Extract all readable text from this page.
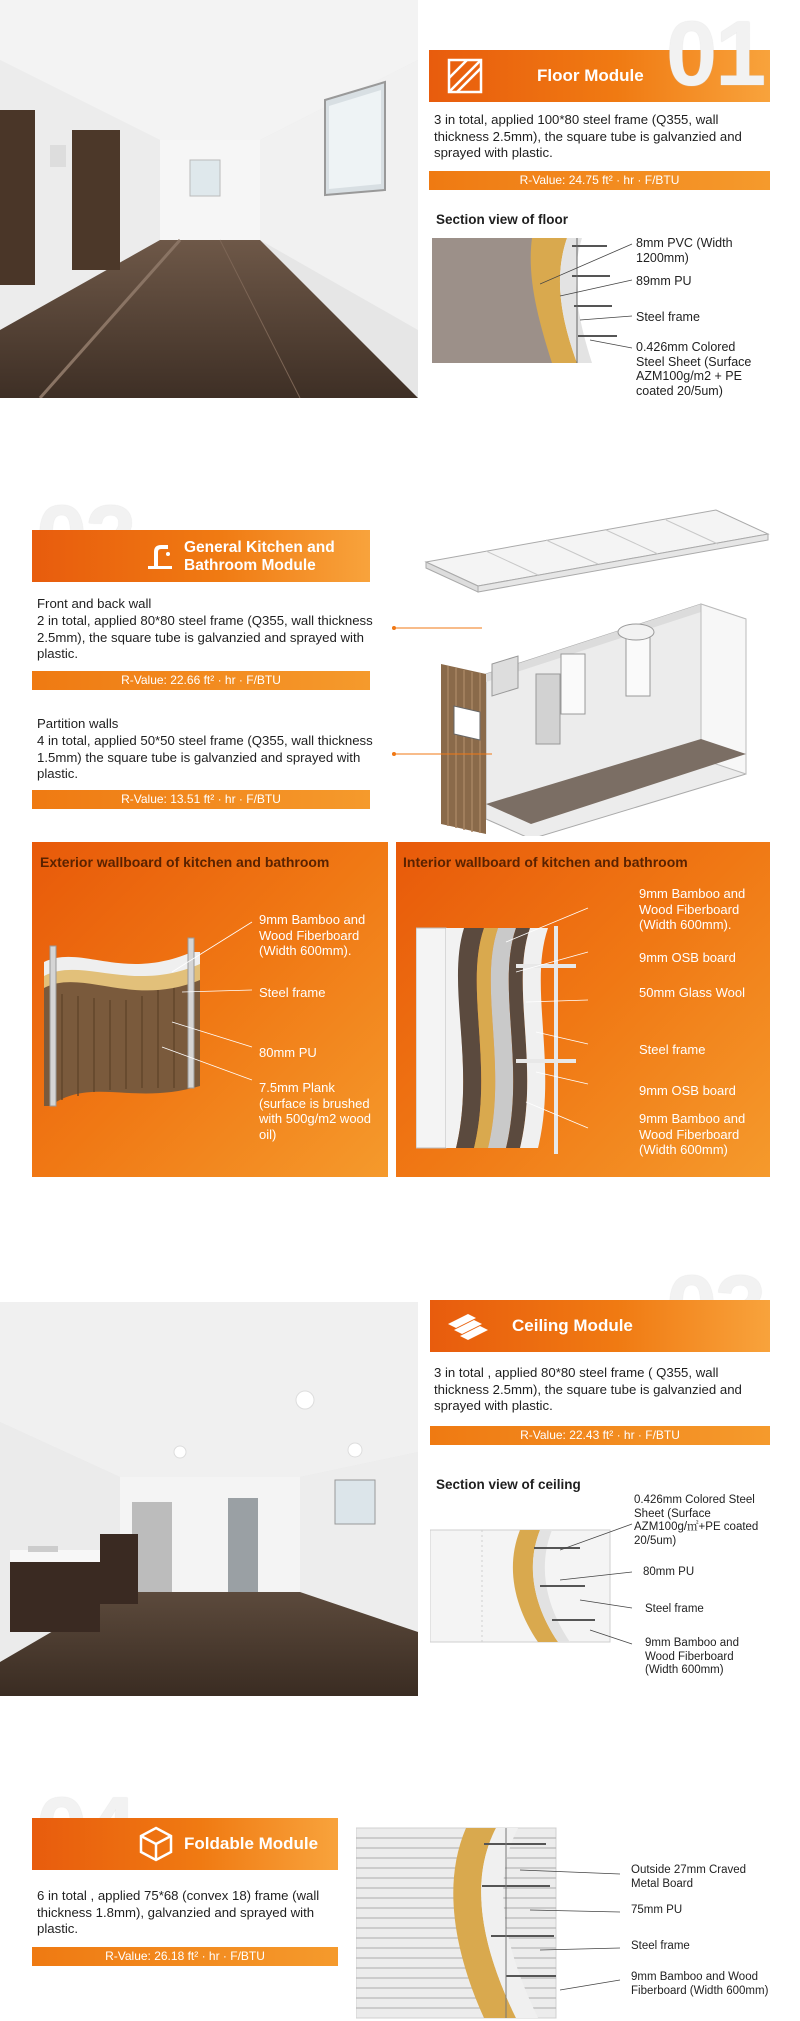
Floor Module 01
3 in total, applied 100*80 steel frame (Q355, wall thickness 2.5mm), the square tube is galvanzied and sprayed with plastic.
R-Value: 24.75 ft² · hr · F/BTU
Section view of floor
8mm PVC (Width 1200mm)
89mm PU
Steel frame
0.426mm Colored Steel Sheet (Surface AZM100g/m2 + PE coated 20/5um)
General Kitchen and Bathroom Module
Front and back wall
2 in total, applied 80*80 steel frame (Q355, wall thickness 2.5mm), the square tube is galvanzied and sprayed with plastic.
R-Value: 22.66 ft² · hr · F/BTU
Partition walls
4 in total, applied 50*50 steel frame (Q355, wall thickness 1.5mm) the square tube is galvanzied and sprayed with plastic.
R-Value: 13.51 ft² · hr · F/BTU
Exterior wallboard of kitchen and bathroom
9mm Bamboo and Wood Fiberboard (Width 600mm).
Steel frame
80mm PU
7.5mm Plank (surface is brushed with 500g/m2 wood oil)
Interior wallboard of kitchen and bathroom
9mm Bamboo and Wood Fiberboard (Width 600mm).
9mm OSB board
50mm Glass Wool
Steel frame
9mm OSB board
9mm Bamboo and Wood Fiberboard (Width 600mm)
Ceiling Module
3 in total , applied 80*80 steel frame ( Q355, wall thickness 2.5mm), the square tube is galvanzied and sprayed with plastic.
R-Value: 22.43 ft² · hr · F/BTU
Section view of ceiling
0.426mm Colored Steel Sheet (Surface AZM100g/㎡+PE coated 20/5um)
80mm PU
Steel frame
9mm Bamboo and Wood Fiberboard (Width 600mm)
Foldable Module
6 in total , applied 75*68 (convex 18) frame (wall thickness 1.8mm), galvanzied and sprayed with plastic.
R-Value: 26.18 ft² · hr · F/BTU
Outside 27mm Craved Metal Board
75mm PU
Steel frame
9mm Bamboo and Wood Fiberboard (Width 600mm)
